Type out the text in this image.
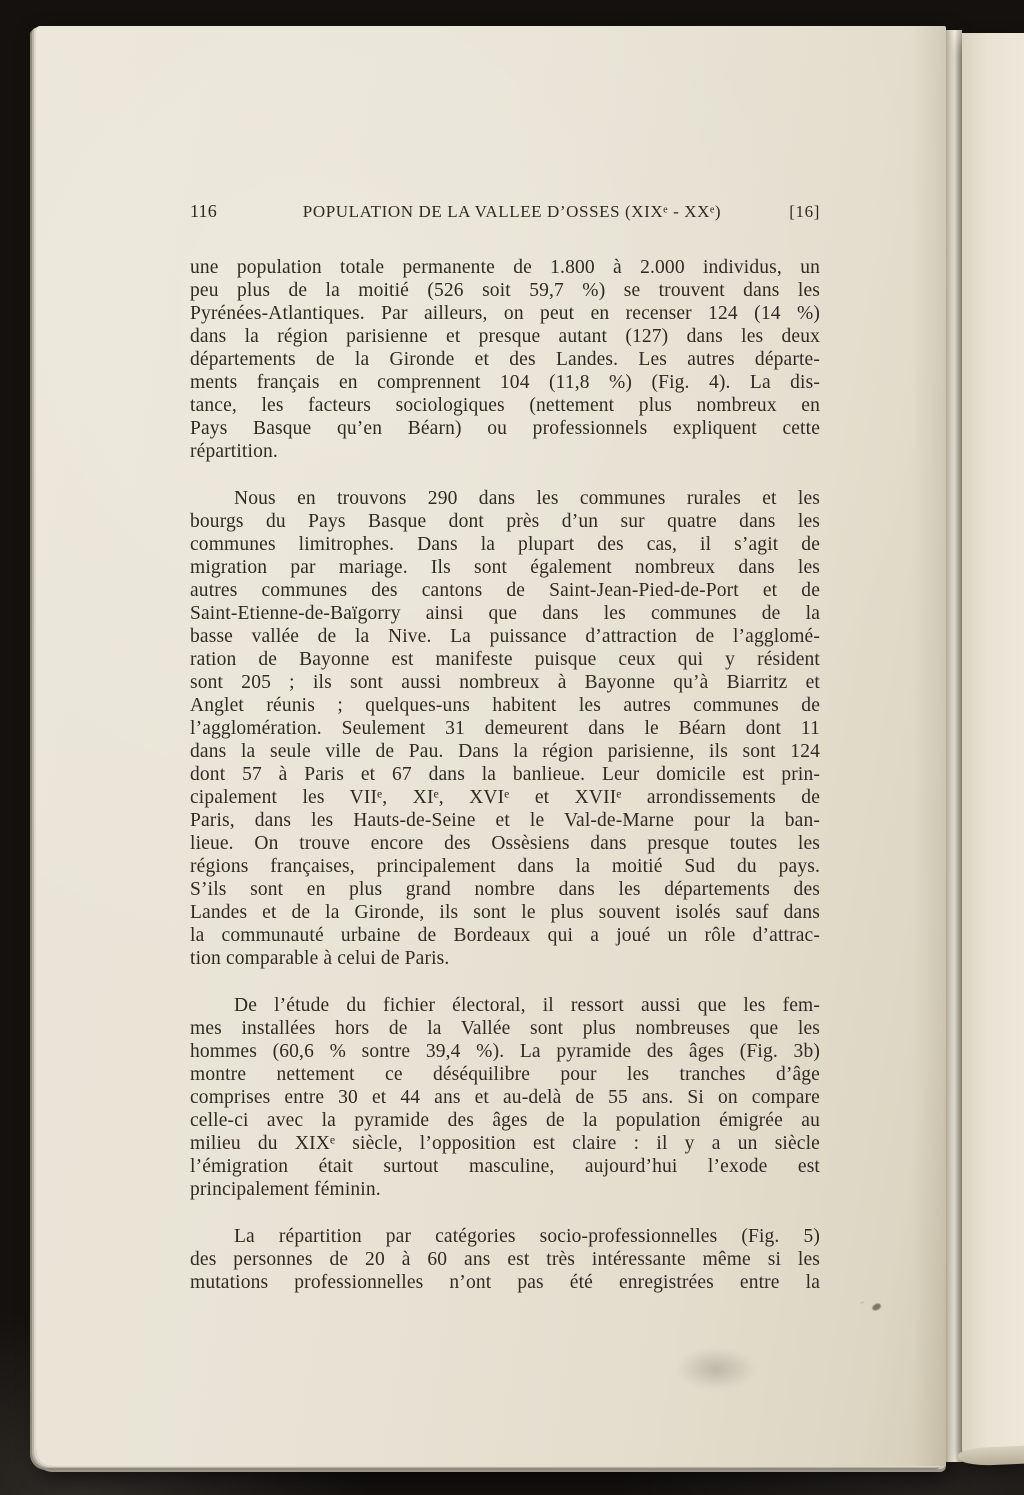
116	POPULATION DE LA VALLEE D’OSSES (XIXᵉ - XXᵉ)	[16]
une population totale permanente de 1.800 à 2.000 individus, un
peu plus de la moitié (526 soit 59,7 %) se trouvent dans les
Pyrénées-Atlantiques. Par ailleurs, on peut en recenser 124 (14 %)
dans la région parisienne et presque autant (127) dans les deux
départements de la Gironde et des Landes. Les autres départe-
ments français en comprennent 104 (11,8 %) (Fig. 4). La dis-
tance, les facteurs sociologiques (nettement plus nombreux en
Pays Basque qu’en Béarn) ou professionnels expliquent cette
répartition.
Nous en trouvons 290 dans les communes rurales et les
bourgs du Pays Basque dont près d’un sur quatre dans les
communes limitrophes. Dans la plupart des cas, il s’agit de
migration par mariage. Ils sont également nombreux dans les
autres communes des cantons de Saint-Jean-Pied-de-Port et de
Saint-Etienne-de-Baïgorry ainsi que dans les communes de la
basse vallée de la Nive. La puissance d’attraction de l’agglomé-
ration de Bayonne est manifeste puisque ceux qui y résident
sont 205 ; ils sont aussi nombreux à Bayonne qu’à Biarritz et
Anglet réunis ; quelques-uns habitent les autres communes de
l’agglomération. Seulement 31 demeurent dans le Béarn dont 11
dans la seule ville de Pau. Dans la région parisienne, ils sont 124
dont 57 à Paris et 67 dans la banlieue. Leur domicile est prin-
cipalement les VIIᵉ, XIᵉ, XVIᵉ et XVIIᵉ arrondissements de
Paris, dans les Hauts-de-Seine et le Val-de-Marne pour la ban-
lieue. On trouve encore des Ossèsiens dans presque toutes les
régions françaises, principalement dans la moitié Sud du pays.
S’ils sont en plus grand nombre dans les départements des
Landes et de la Gironde, ils sont le plus souvent isolés sauf dans
la communauté urbaine de Bordeaux qui a joué un rôle d’attrac-
tion comparable à celui de Paris.
De l’étude du fichier électoral, il ressort aussi que les fem-
mes installées hors de la Vallée sont plus nombreuses que les
hommes (60,6 % sontre 39,4 %). La pyramide des âges (Fig. 3b)
montre nettement ce déséquilibre pour les tranches d’âge
comprises entre 30 et 44 ans et au-delà de 55 ans. Si on compare
celle-ci avec la pyramide des âges de la population émigrée au
milieu du XIXᵉ siècle, l’opposition est claire : il y a un siècle
l’émigration était surtout masculine, aujourd’hui l’exode est
principalement féminin.
La répartition par catégories socio-professionnelles (Fig. 5)
des personnes de 20 à 60 ans est très intéressante même si les
mutations professionnelles n’ont pas été enregistrées entre la
